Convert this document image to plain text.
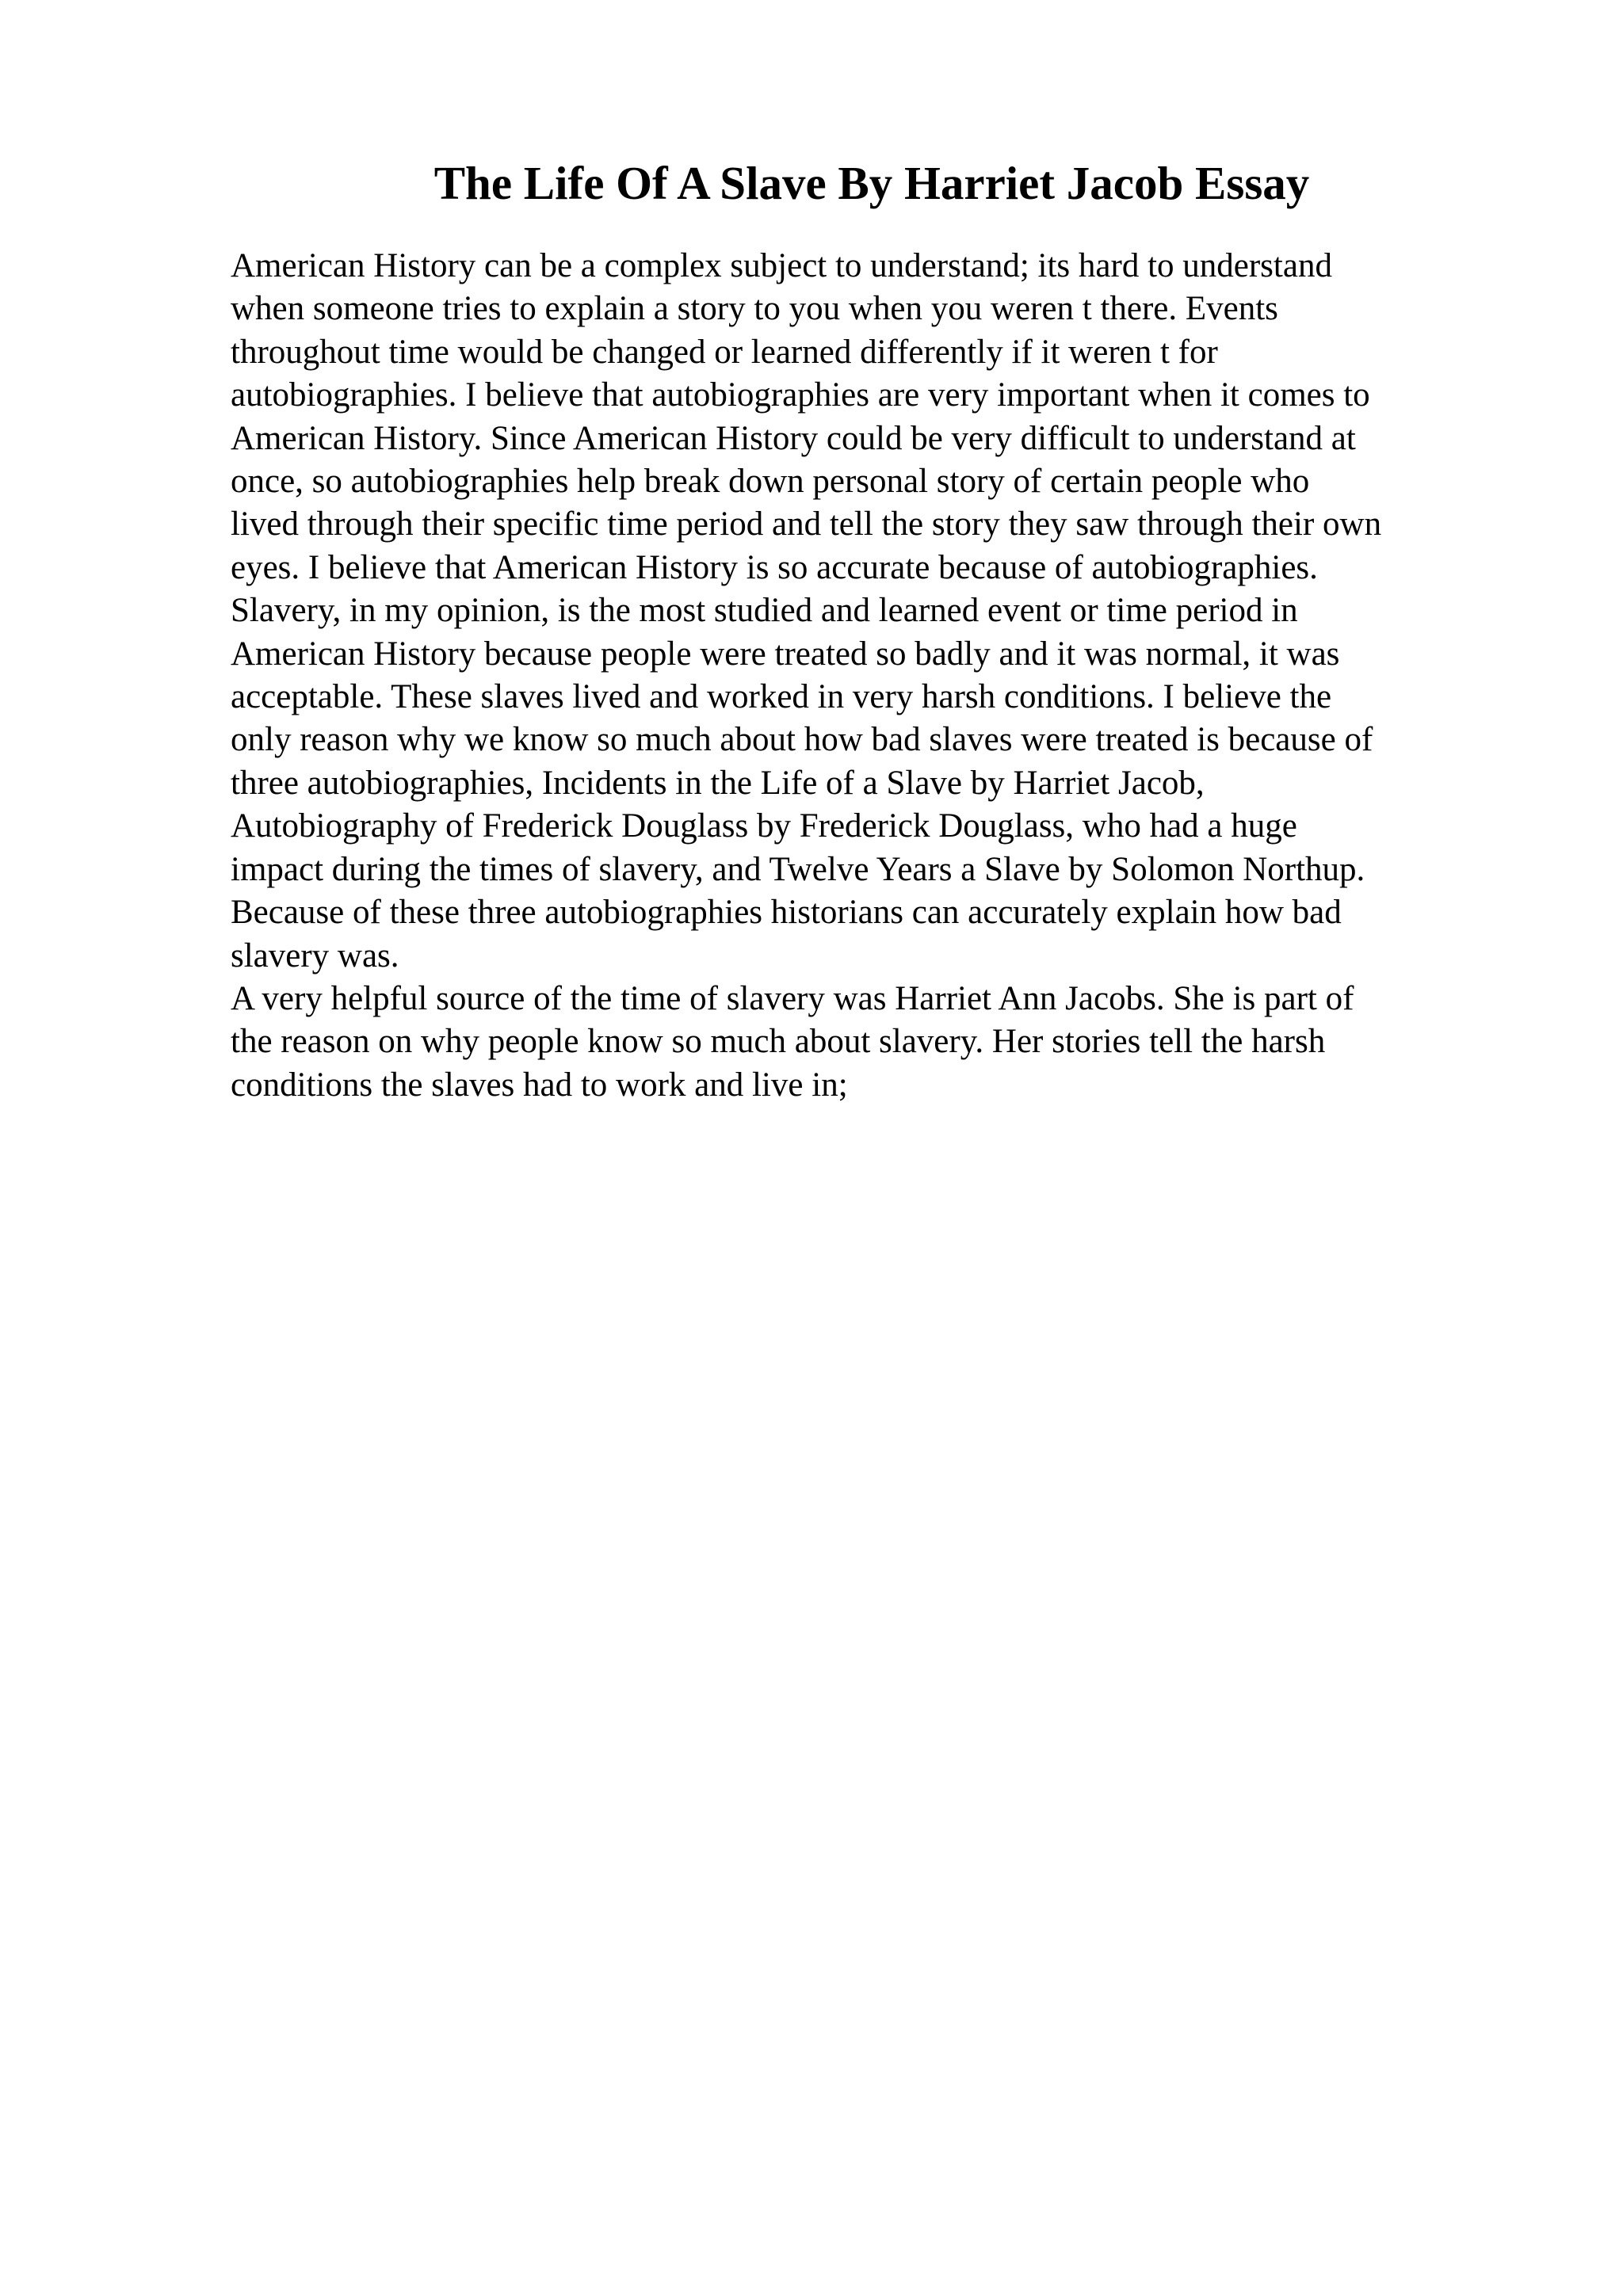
The Life Of A Slave By Harriet Jacob Essay
American History can be a complex subject to understand; its hard to understand
when someone tries to explain a story to you when you weren t there. Events
throughout time would be changed or learned differently if it weren t for
autobiographies. I believe that autobiographies are very important when it comes to
American History. Since American History could be very difficult to understand at
once, so autobiographies help break down personal story of certain people who
lived through their specific time period and tell the story they saw through their own
eyes. I believe that American History is so accurate because of autobiographies.
Slavery, in my opinion, is the most studied and learned event or time period in
American History because people were treated so badly and it was normal, it was
acceptable. These slaves lived and worked in very harsh conditions. I believe the
only reason why we know so much about how bad slaves were treated is because of
three autobiographies, Incidents in the Life of a Slave by Harriet Jacob,
Autobiography of Frederick Douglass by Frederick Douglass, who had a huge
impact during the times of slavery, and Twelve Years a Slave by Solomon Northup.
Because of these three autobiographies historians can accurately explain how bad
slavery was.
A very helpful source of the time of slavery was Harriet Ann Jacobs. She is part of
the reason on why people know so much about slavery. Her stories tell the harsh
conditions the slaves had to work and live in;
